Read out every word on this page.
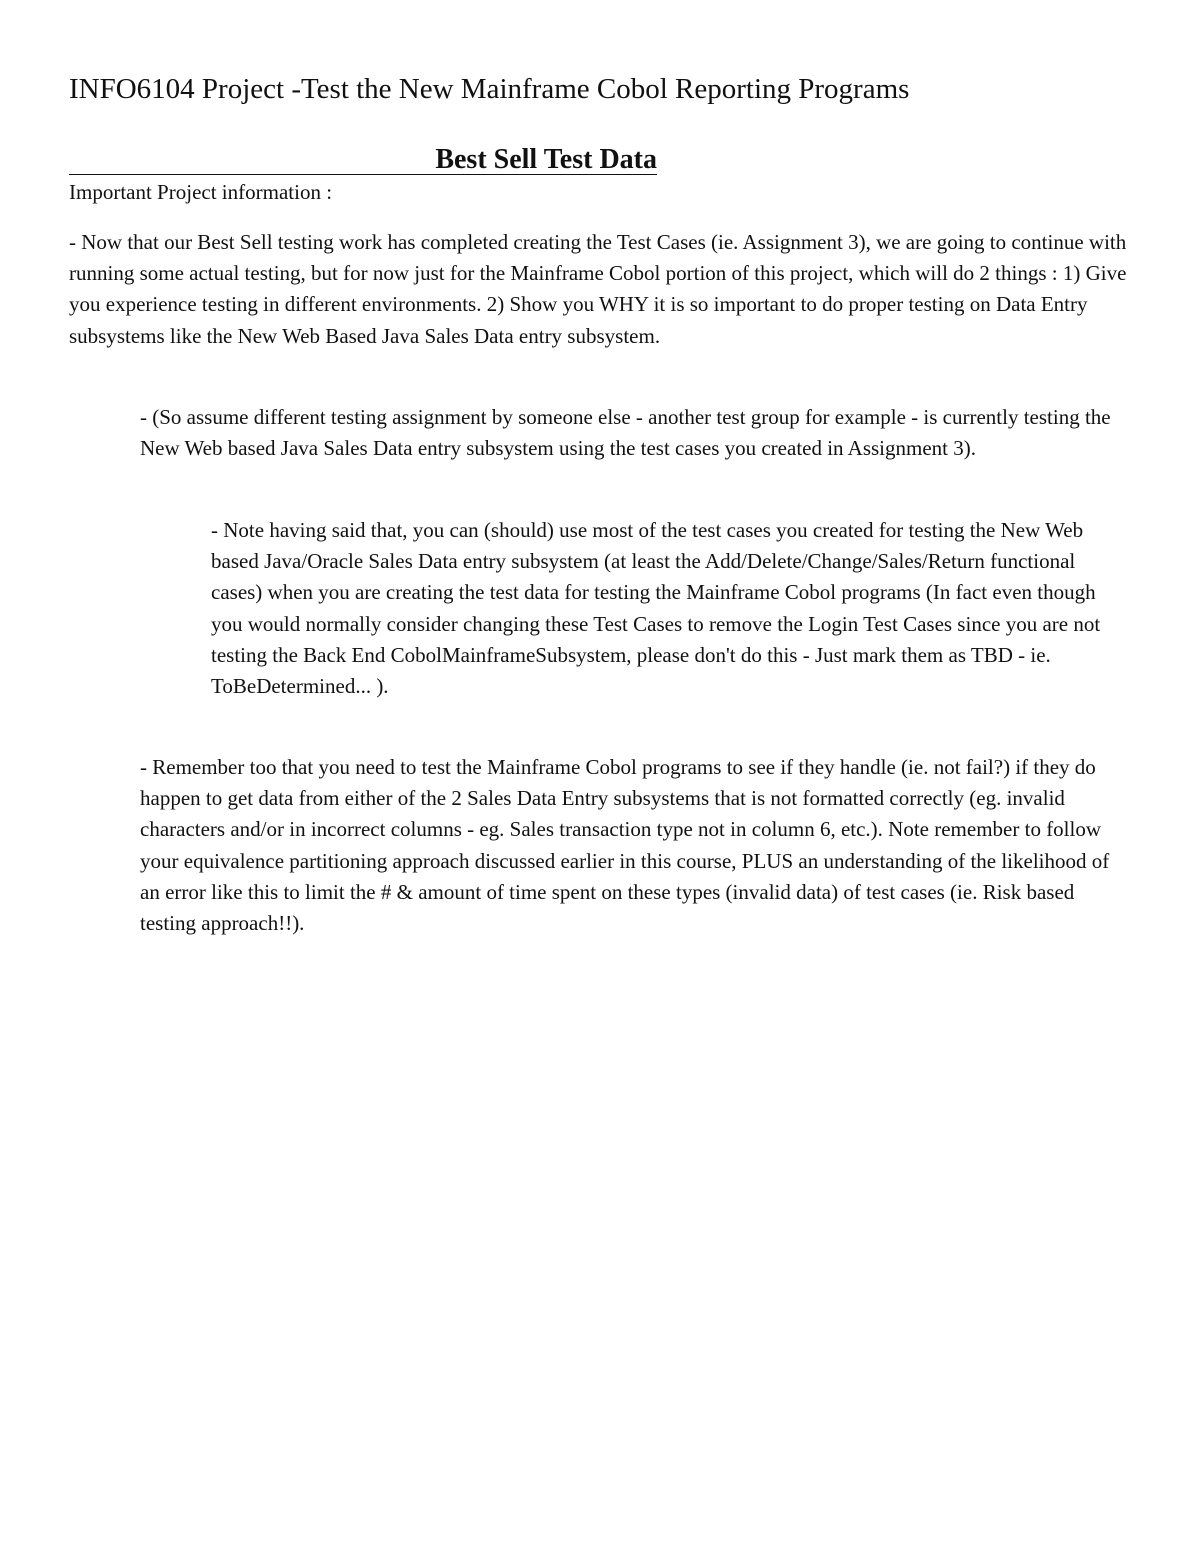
INFO6104 Project -Test the New Mainframe Cobol Reporting Programs
Best Sell Test Data

Important Project information :

- Now that our Best Sell testing work has completed creating the Test Cases (ie. Assignment 3), we are going to continue with running some actual testing, but for now just for the Mainframe Cobol portion of this project, which will do 2 things : 1) Give you experience testing in different environments. 2) Show you WHY it is so important to do proper testing on Data Entry subsystems like the New Web Based Java Sales Data entry subsystem.

- (So assume different testing assignment by someone else - another test group for example - is currently testing the New Web based Java Sales Data entry subsystem using the test cases you created in Assignment 3).

- Note having said that, you can (should) use most of the test cases you created for testing the New Web based Java/Oracle Sales Data entry subsystem (at least the Add/Delete/Change/Sales/Return functional cases) when you are creating the test data for testing the Mainframe Cobol programs (In fact even though you would normally consider changing these Test Cases to remove the Login Test Cases since you are not testing the Back End CobolMainframeSubsystem, please don't do this - Just mark them as TBD - ie. ToBeDetermined... ).

- Remember too that you need to test the Mainframe Cobol programs to see if they handle (ie. not fail?) if they do happen to get data from either of the 2 Sales Data Entry subsystems that is not formatted correctly (eg. invalid characters and/or in incorrect columns - eg. Sales transaction type not in column 6, etc.). Note remember to follow your equivalence partitioning approach discussed earlier in this course, PLUS an understanding of the likelihood of an error like this to limit the # & amount of time spent on these types (invalid data) of test cases (ie. Risk based testing approach!!).
